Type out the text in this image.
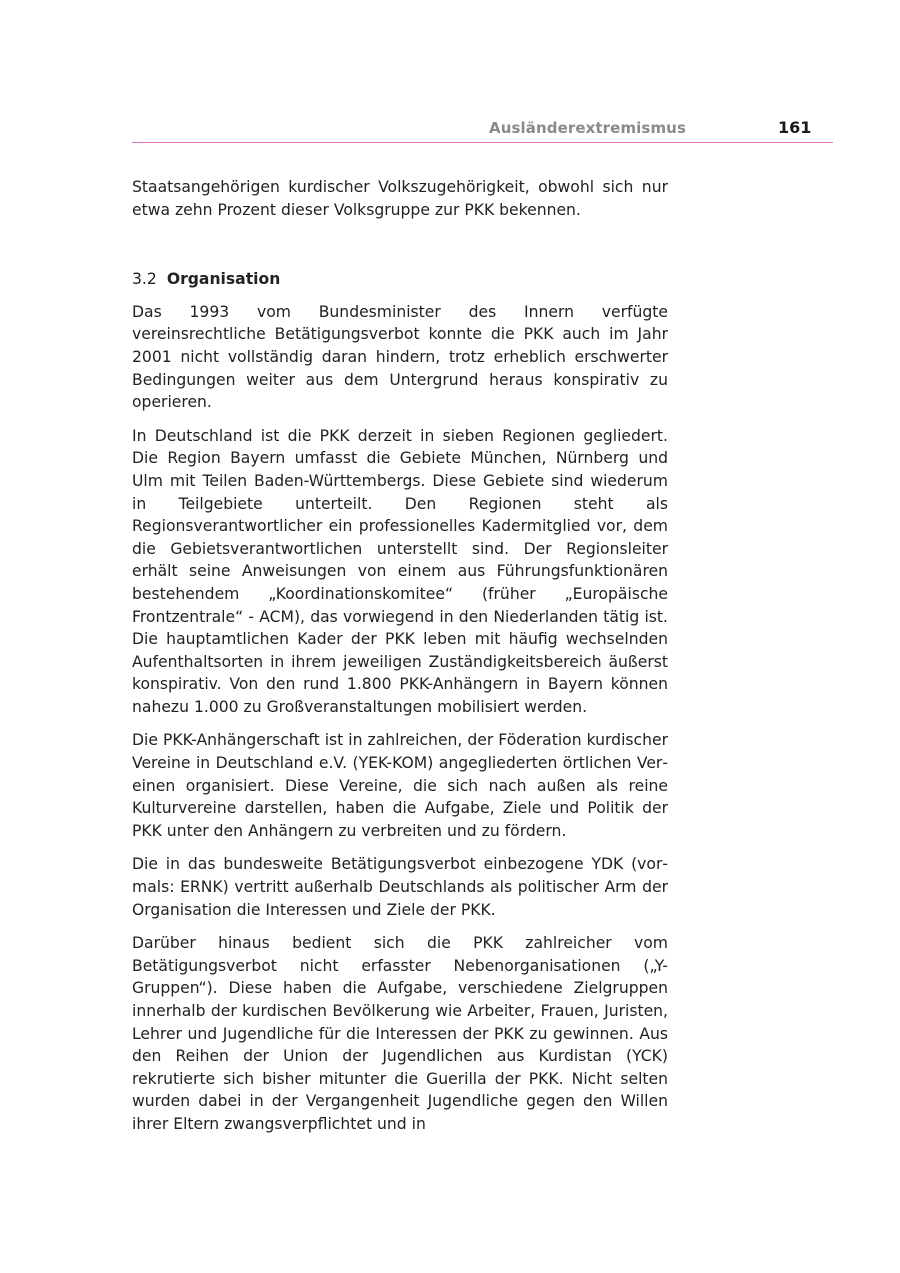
Ausländerextremismus	161

Staatsangehörigen kurdischer Volkszugehörigkeit, obwohl sich nur etwa zehn Prozent dieser Volksgruppe zur PKK bekennen.

3.2 Organisation

Das 1993 vom Bundesminister des Innern verfügte vereinsrechtliche Betätigungsverbot konnte die PKK auch im Jahr 2001 nicht vollständig daran hindern, trotz erheblich erschwerter Bedingungen weiter aus dem Untergrund heraus konspirativ zu operieren.

In Deutschland ist die PKK derzeit in sieben Regionen gegliedert. Die Region Bayern umfasst die Gebiete München, Nürnberg und Ulm mit Teilen Baden-Württembergs. Diese Gebiete sind wiederum in Teilgebiete unterteilt. Den Regionen steht als Regionsverantwortlicher ein professionelles Kadermitglied vor, dem die Gebietsverantwortlichen unterstellt sind. Der Regionsleiter erhält seine Anweisungen von einem aus Führungsfunktionären bestehendem „Koordinationskomitee“ (früher „Europäische Frontzentrale“ - ACM), das vorwiegend in den Niederlanden tätig ist. Die hauptamtlichen Kader der PKK leben mit häufig wechselnden Aufenthaltsorten in ihrem jeweiligen Zuständigkeitsbereich äußerst konspirativ. Von den rund 1.800 PKK-Anhängern in Bayern können nahezu 1.000 zu Großveranstaltungen mobilisiert werden.

Die PKK-Anhängerschaft ist in zahlreichen, der Föderation kurdischer Vereine in Deutschland e.V. (YEK-KOM) angegliederten örtlichen Vereinen organisiert. Diese Vereine, die sich nach außen als reine Kulturvereine darstellen, haben die Aufgabe, Ziele und Politik der PKK unter den Anhängern zu verbreiten und zu fördern.

Die in das bundesweite Betätigungsverbot einbezogene YDK (vormals: ERNK) vertritt außerhalb Deutschlands als politischer Arm der Organisation die Interessen und Ziele der PKK.

Darüber hinaus bedient sich die PKK zahlreicher vom Betätigungsverbot nicht erfasster Nebenorganisationen („Y-Gruppen“). Diese haben die Aufgabe, verschiedene Zielgruppen innerhalb der kurdischen Bevölkerung wie Arbeiter, Frauen, Juristen, Lehrer und Jugendliche für die Interessen der PKK zu gewinnen. Aus den Reihen der Union der Jugendlichen aus Kurdistan (YCK) rekrutierte sich bisher mitunter die Guerilla der PKK. Nicht selten wurden dabei in der Vergangenheit Jugendliche gegen den Willen ihrer Eltern zwangsverpflichtet und in
